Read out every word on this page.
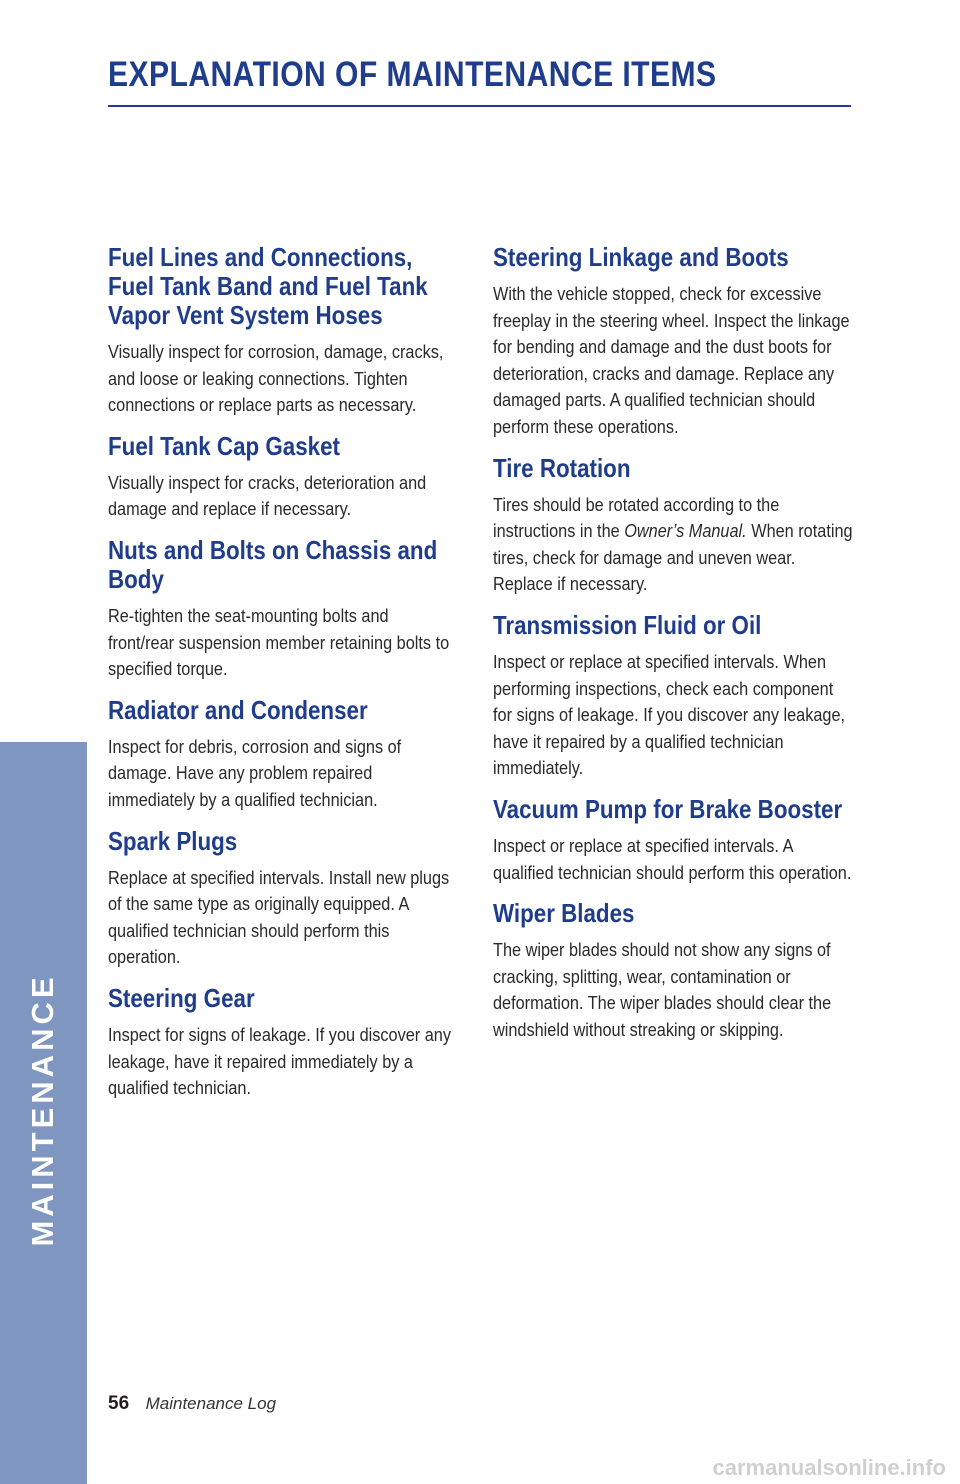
EXPLANATION OF MAINTENANCE ITEMS
Fuel Lines and Connections, Fuel Tank Band and Fuel Tank Vapor Vent System Hoses

Visually inspect for corrosion, damage, cracks, and loose or leaking connections. Tighten connections or replace parts as necessary.

Fuel Tank Cap Gasket

Visually inspect for cracks, deterioration and damage and replace if necessary.

Nuts and Bolts on Chassis and Body

Re-tighten the seat-mounting bolts and front/rear suspension member retaining bolts to specified torque.

Radiator and Condenser

Inspect for debris, corrosion and signs of damage. Have any problem repaired immediately by a qualified technician.

Spark Plugs

Replace at specified intervals. Install new plugs of the same type as originally equipped. A qualified technician should perform this operation.

Steering Gear

Inspect for signs of leakage. If you discover any leakage, have it repaired immediately by a qualified technician.

Steering Linkage and Boots

With the vehicle stopped, check for excessive freeplay in the steering wheel. Inspect the linkage for bending and damage and the dust boots for deterioration, cracks and damage. Replace any damaged parts. A qualified technician should perform these operations.

Tire Rotation

Tires should be rotated according to the instructions in the Owner’s Manual. When rotating tires, check for damage and uneven wear. Replace if necessary.

Transmission Fluid or Oil

Inspect or replace at specified intervals. When performing inspections, check each component for signs of leakage. If you discover any leakage, have it repaired by a qualified technician immediately.

Vacuum Pump for Brake Booster

Inspect or replace at specified intervals. A qualified technician should perform this operation.

Wiper Blades

The wiper blades should not show any signs of cracking, splitting, wear, contamination or deformation. The wiper blades should clear the windshield without streaking or skipping.

MAINTENANCE
56 Maintenance Log
carmanualsonline.info
